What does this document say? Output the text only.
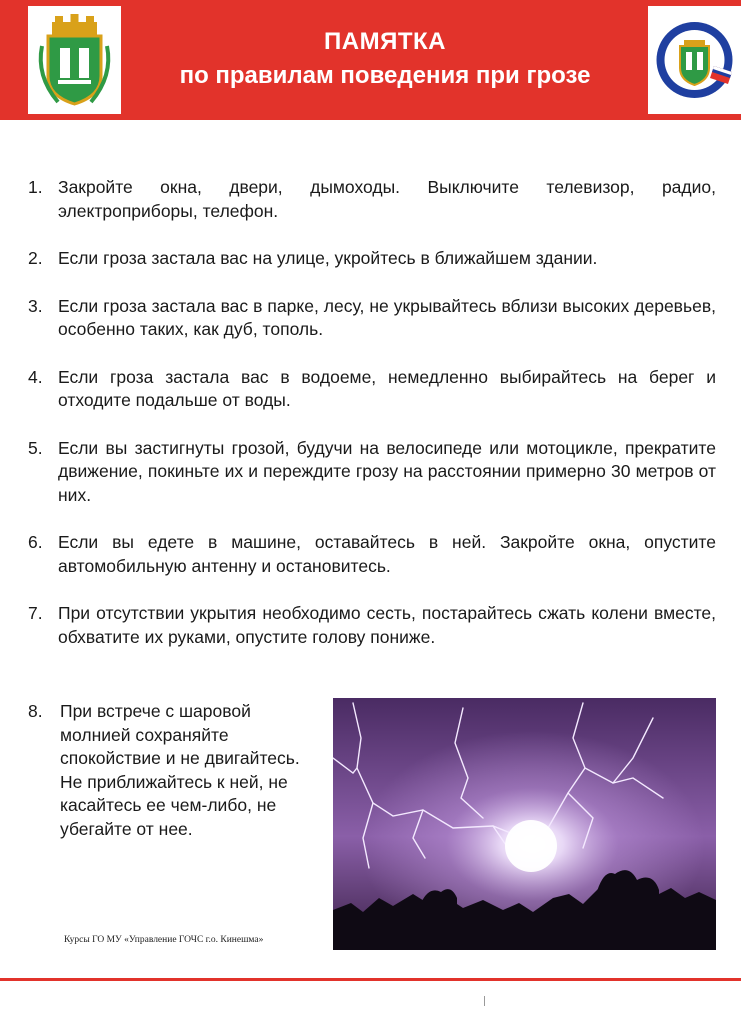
ПАМЯТКА
по правилам поведения при грозе
1. Закройте окна, двери, дымоходы. Выключите телевизор, радио, электроприборы, телефон.
2. Если гроза застала вас на улице, укройтесь в ближайшем здании.
3. Если гроза застала вас в парке, лесу, не укрывайтесь вблизи высоких деревьев, особенно таких, как дуб, тополь.
4. Если гроза застала вас в водоеме, немедленно выбирайтесь на берег и отходите подальше от воды.
5. Если вы застигнуты грозой, будучи на велосипеде или мотоцикле, прекратите движение, покиньте их и переждите грозу на расстоянии примерно 30 метров от них.
6. Если вы едете в машине, оставайтесь в ней. Закройте окна, опустите автомобильную антенну и остановитесь.
7. При отсутствии укрытия необходимо сесть, постарайтесь сжать колени вместе, обхватите их руками, опустите голову пониже.
8. При встрече с шаровой молнией сохраняйте спокойствие и не двигайтесь. Не приближайтесь к ней, не касайтесь ее чем-либо, не убегайте от нее.
Курсы ГО МУ «Управление ГОЧС г.о. Кинешма»
